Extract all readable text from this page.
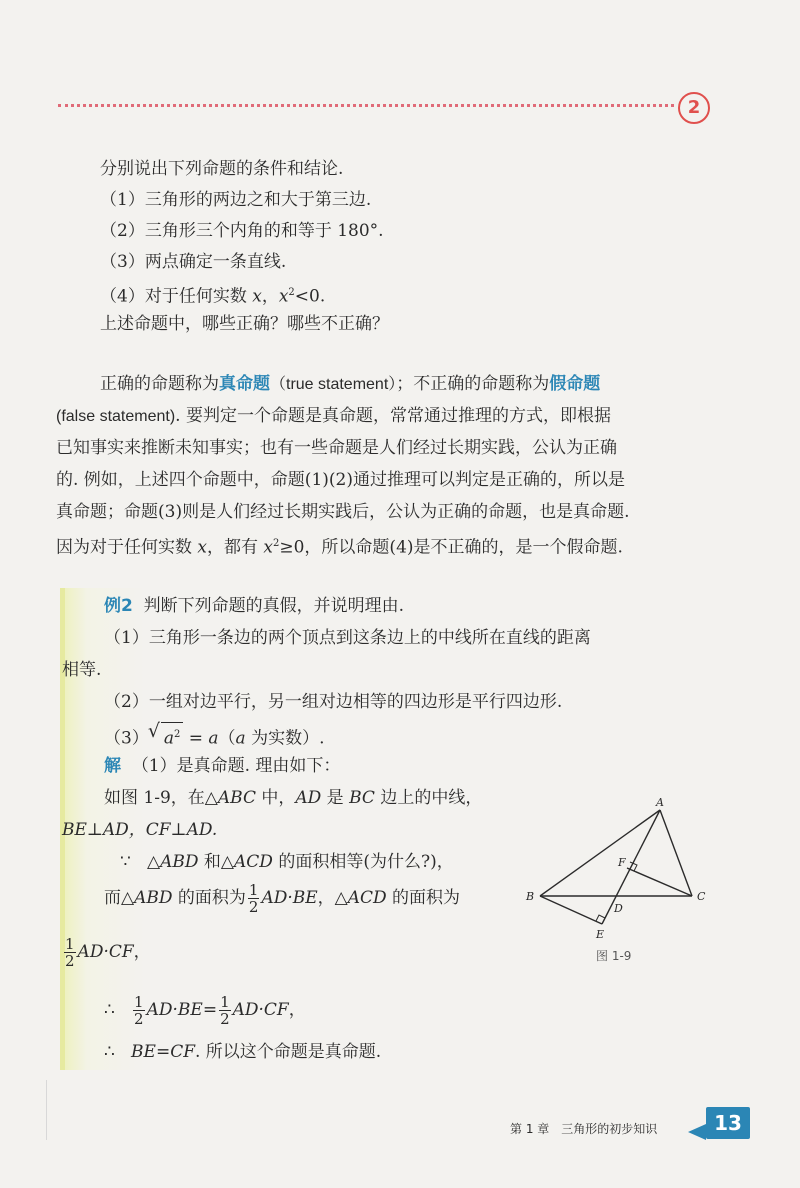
2
分别说出下列命题的条件和结论.
（1）三角形的两边之和大于第三边.
（2）三角形三个内角的和等于 180°.
（3）两点确定一条直线.
（4）对于任何实数 x，$x^2<0$.
上述命题中，哪些正确？哪些不正确？
正确的命题称为真命题（true statement）；不正确的命题称为假命题
(false statement). 要判定一个命题是真命题，常常通过推理的方式，即根据
已知事实来推断未知事实；也有一些命题是人们经过长期实践，公认为正确
的. 例如，上述四个命题中，命题(1)(2)通过推理可以判定是正确的，所以是
真命题；命题(3)则是人们经过长期实践后，公认为正确的命题，也是真命题.
因为对于任何实数 x，都有 $x^2\ge 0$，所以命题(4)是不正确的，是一个假命题.
例2 判断下列命题的真假，并说明理由.
（1）三角形一条边的两个顶点到这条边上的中线所在直线的距离
相等.
（2）一组对边平行，另一组对边相等的四边形是平行四边形.
（3）√ $a^2 = a(a$ 为实数）.
解 （1）是真命题. 理由如下：
如图 1-9，在△ABC 中，AD 是 BC 边上的中线，
BE⊥AD，CF⊥AD.
∵ △ABD 和△ACD 的面积相等(为什么?)，
而△ABD 的面积为 $\frac{1}{2} AD\cdot BE$，△ACD 的面积为
$\frac{1}{2} AD\cdot CF$，
∴ $\frac{1}{2} AD\cdot BE= \frac{1}{2} AD\cdot CF$，
∴ BE=CF. 所以这个命题是真命题.
A
B	C
D
E
F
图 1-9
第 1 章 三角形的初步知识	13
